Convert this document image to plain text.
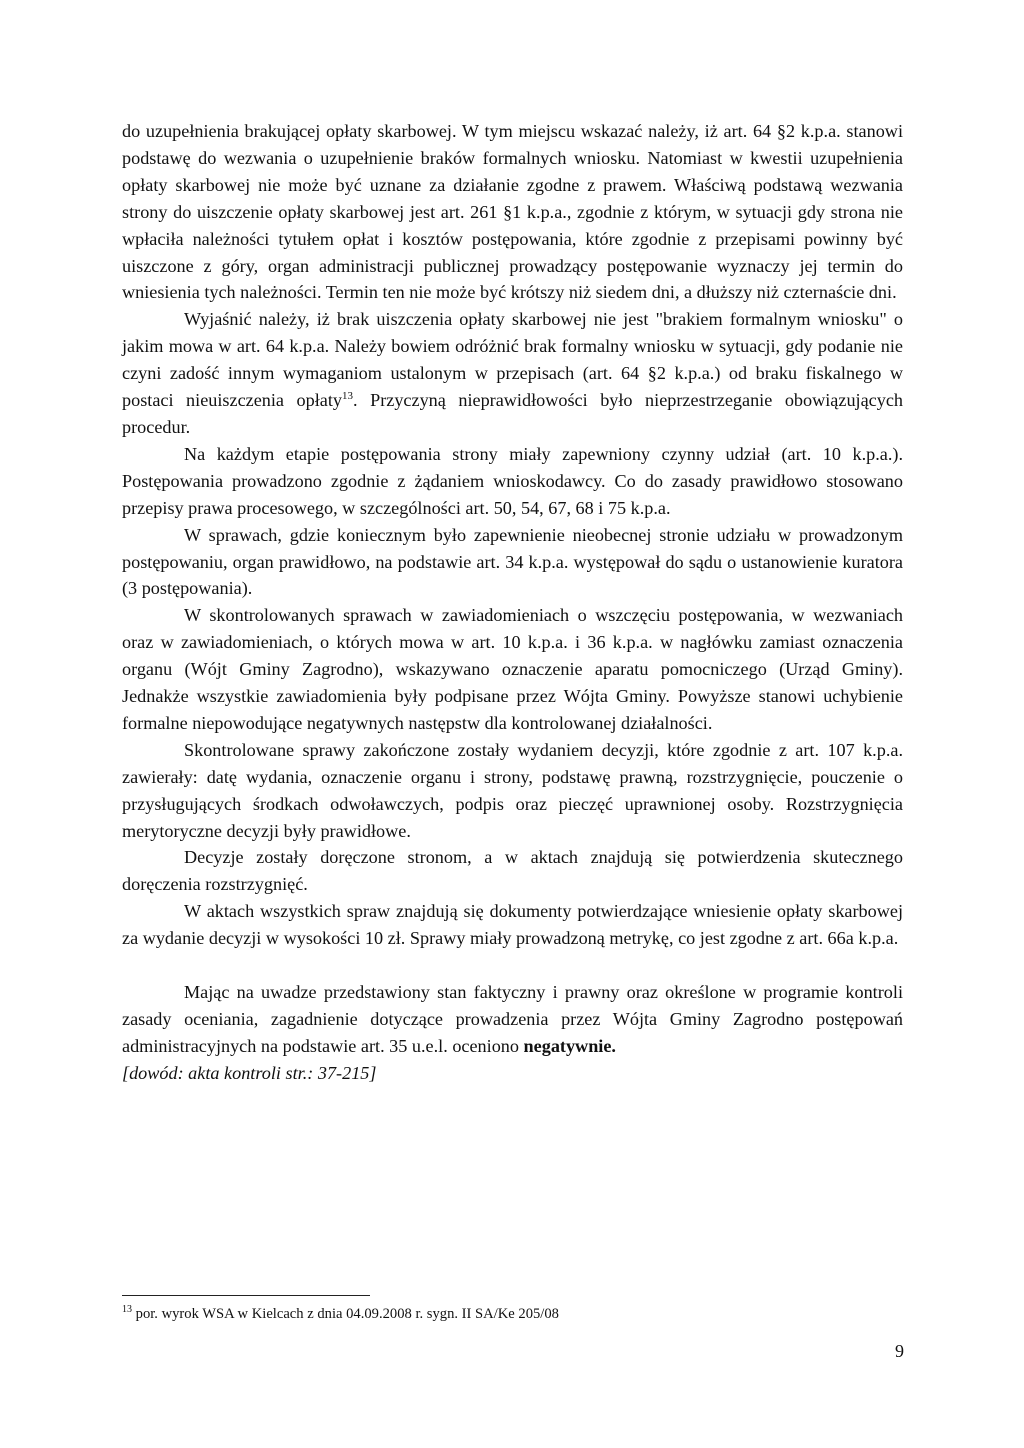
do uzupełnienia brakującej opłaty skarbowej. W tym miejscu wskazać należy, iż art. 64 §2 k.p.a. stanowi podstawę do wezwania o uzupełnienie braków formalnych wniosku. Natomiast w kwestii uzupełnienia opłaty skarbowej nie może być uznane za działanie zgodne z prawem. Właściwą podstawą wezwania strony do uiszczenie opłaty skarbowej jest art. 261 §1 k.p.a., zgodnie z którym, w sytuacji gdy strona nie wpłaciła należności tytułem opłat i kosztów postępowania, które zgodnie z przepisami powinny być uiszczone z góry, organ administracji publicznej prowadzący postępowanie wyznaczy jej termin do wniesienia tych należności. Termin ten nie może być krótszy niż siedem dni, a dłuższy niż czternaście dni.

Wyjaśnić należy, iż brak uiszczenia opłaty skarbowej nie jest "brakiem formalnym wniosku" o jakim mowa w art. 64 k.p.a. Należy bowiem odróżnić brak formalny wniosku w sytuacji, gdy podanie nie czyni zadość innym wymaganiom ustalonym w przepisach (art. 64 §2 k.p.a.) od braku fiskalnego w postaci nieuiszczenia opłaty$^{13}$. Przyczyną nieprawidłowości było nieprzestrzeganie obowiązujących procedur.

Na każdym etapie postępowania strony miały zapewniony czynny udział (art. 10 k.p.a.). Postępowania prowadzono zgodnie z żądaniem wnioskodawcy. Co do zasady prawidłowo stosowano przepisy prawa procesowego, w szczególności art. 50, 54, 67, 68 i 75 k.p.a.

W sprawach, gdzie koniecznym było zapewnienie nieobecnej stronie udziału w prowadzonym postępowaniu, organ prawidłowo, na podstawie art. 34 k.p.a. występował do sądu o ustanowienie kuratora (3 postępowania).

W skontrolowanych sprawach w zawiadomieniach o wszczęciu postępowania, w wezwaniach oraz w zawiadomieniach, o których mowa w art. 10 k.p.a. i 36 k.p.a. w nagłówku zamiast oznaczenia organu (Wójt Gminy Zagrodno), wskazywano oznaczenie aparatu pomocniczego (Urząd Gminy). Jednakże wszystkie zawiadomienia były podpisane przez Wójta Gminy. Powyższe stanowi uchybienie formalne niepowodujące negatywnych następstw dla kontrolowanej działalności.

Skontrolowane sprawy zakończone zostały wydaniem decyzji, które zgodnie z art. 107 k.p.a. zawierały: datę wydania, oznaczenie organu i strony, podstawę prawną, rozstrzygnięcie, pouczenie o przysługujących środkach odwoławczych, podpis oraz pieczęć uprawnionej osoby. Rozstrzygnięcia merytoryczne decyzji były prawidłowe.

Decyzje zostały doręczone stronom, a w aktach znajdują się potwierdzenia skutecznego doręczenia rozstrzygnięć.

W aktach wszystkich spraw znajdują się dokumenty potwierdzające wniesienie opłaty skarbowej za wydanie decyzji w wysokości 10 zł. Sprawy miały prowadzoną metrykę, co jest zgodne z art. 66a k.p.a.

Mając na uwadze przedstawiony stan faktyczny i prawny oraz określone w programie kontroli zasady oceniania, zagadnienie dotyczące prowadzenia przez Wójta Gminy Zagrodno postępowań administracyjnych na podstawie art. 35 u.e.l. oceniono negatywnie.

[dowód: akta kontroli str.: 37-215]

$^{13}$ por. wyrok WSA w Kielcach z dnia 04.09.2008 r. sygn. II SA/Ke 205/08
9
